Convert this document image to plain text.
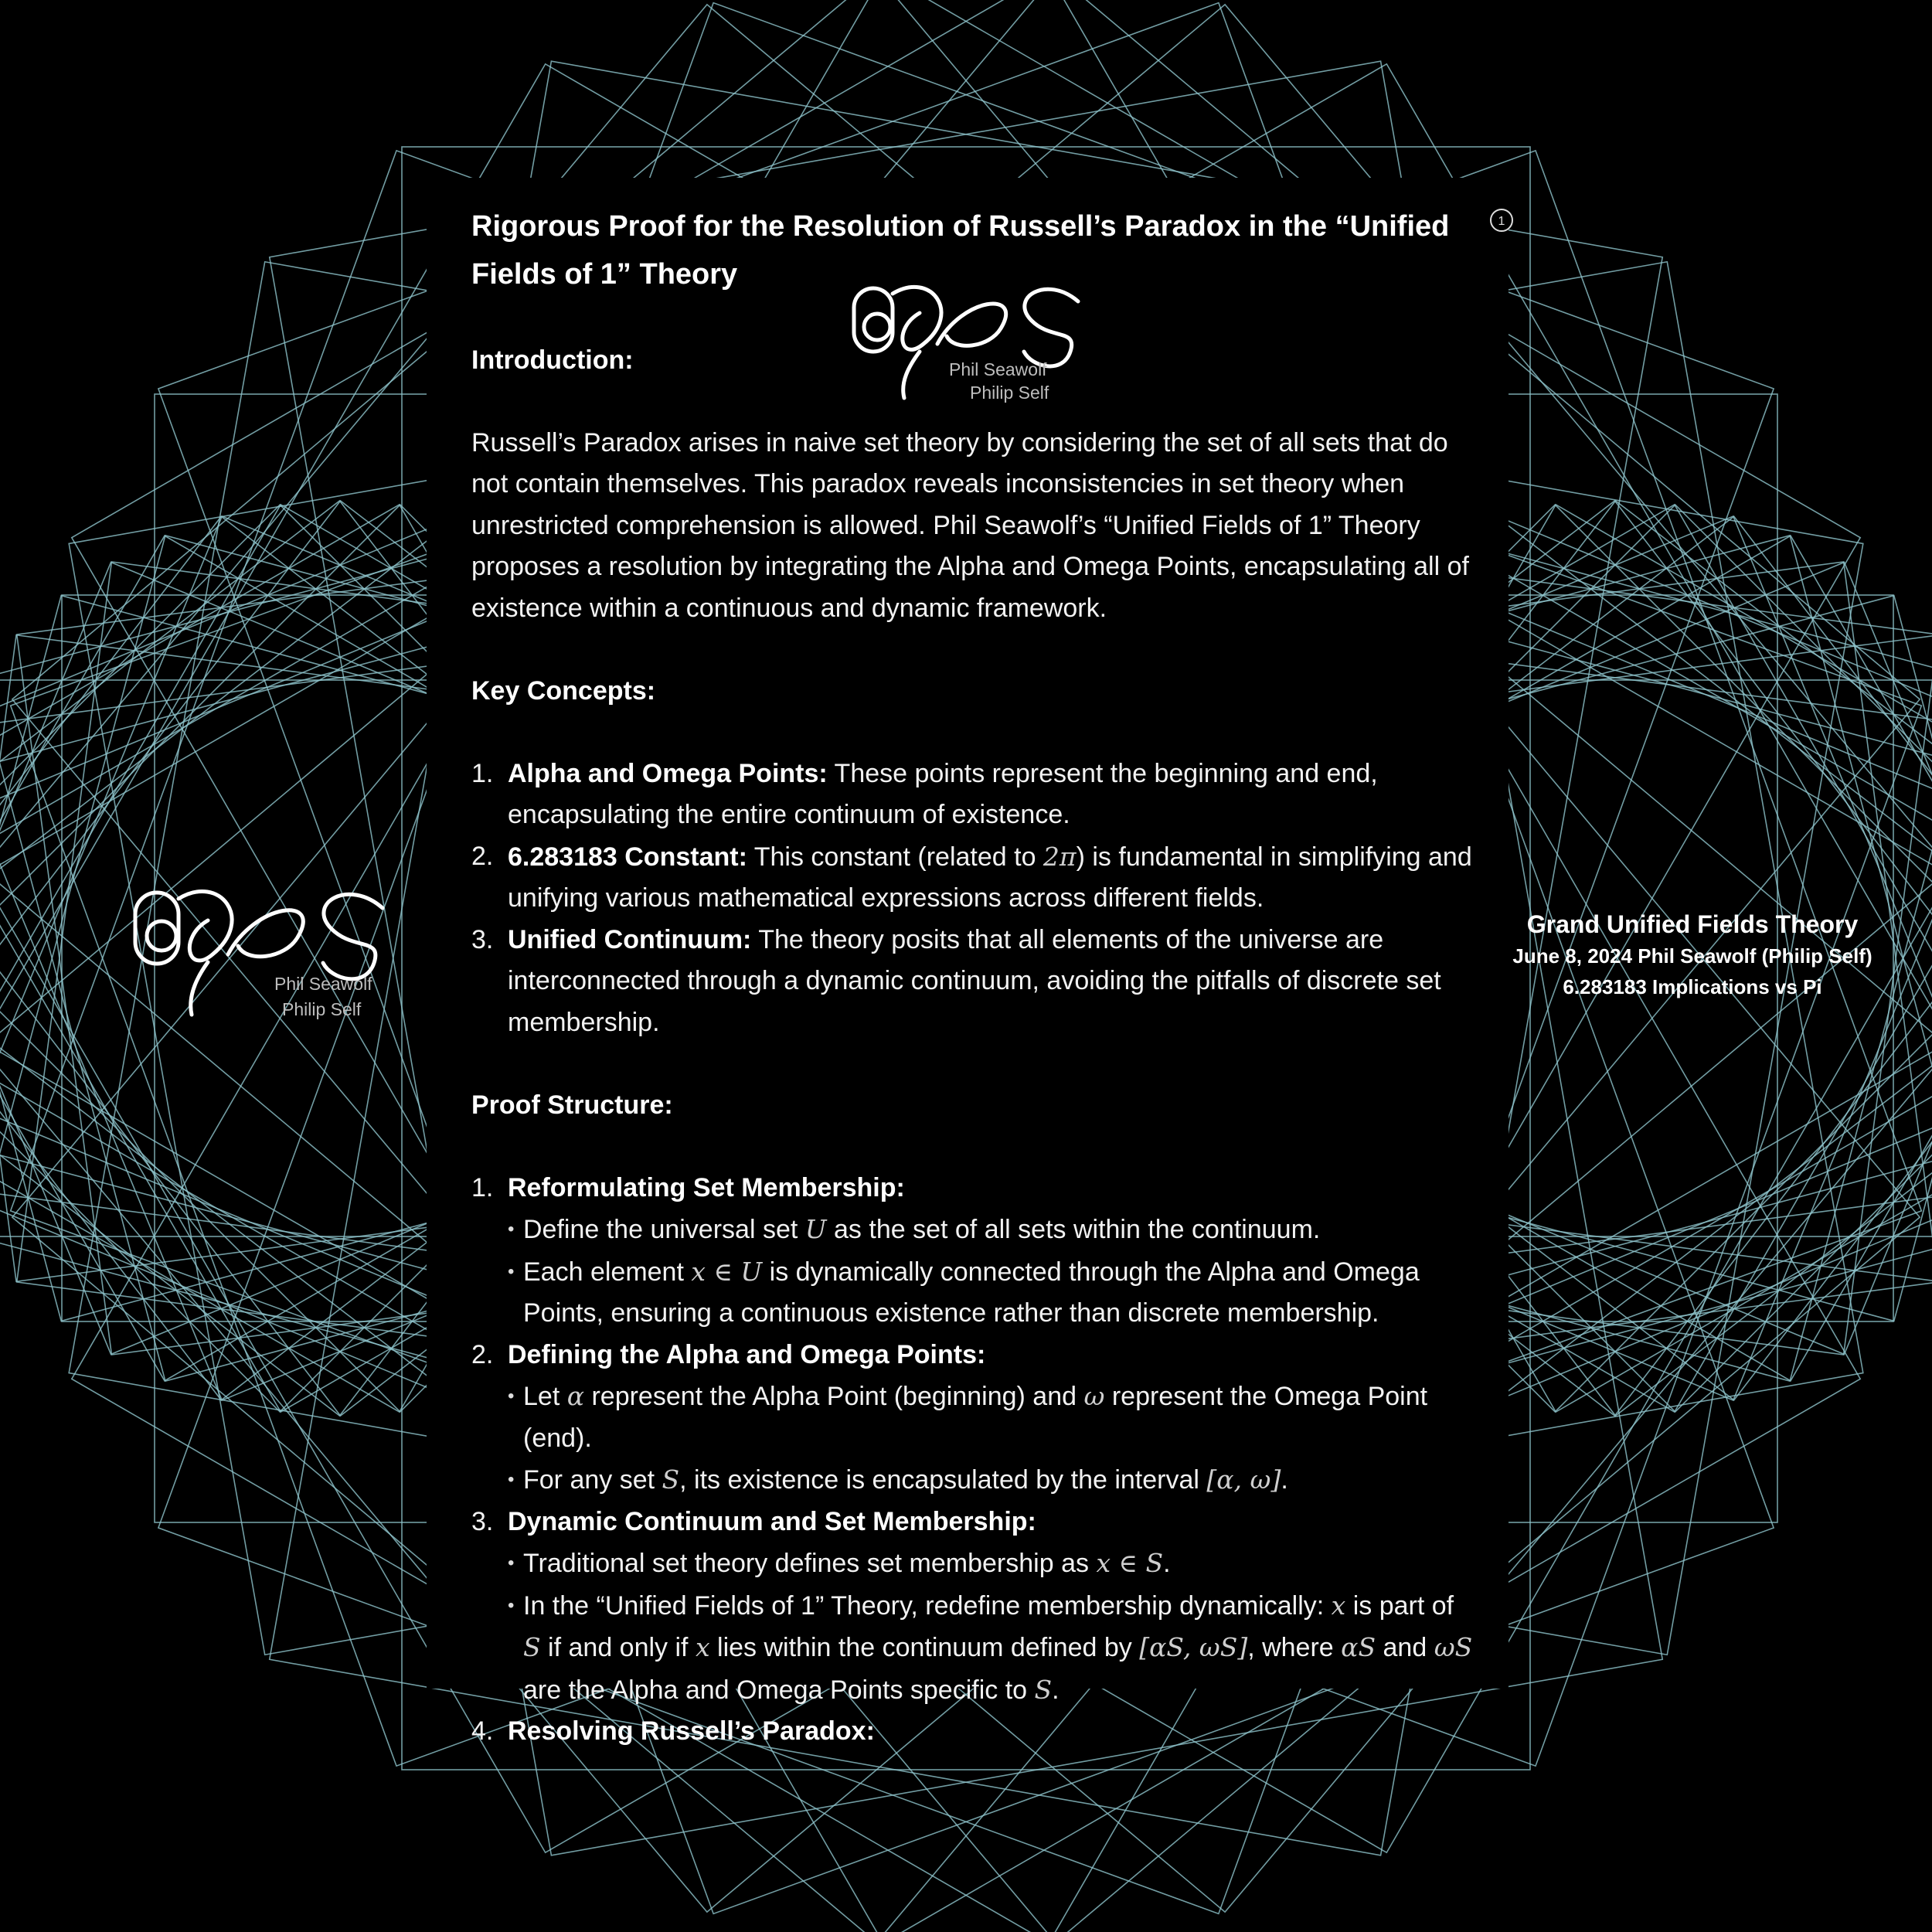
Phil Seawolf
Philip Self
Phil Seawolf
Philip Self
Rigorous Proof for the Resolution of Russell’s Paradox in the “Unified Fields of 1” Theory
Introduction:

Russell’s Paradox arises in naive set theory by considering the set of all sets that do not contain themselves. This paradox reveals inconsistencies in set theory when unrestricted comprehension is allowed. Phil Seawolf’s “Unified Fields of 1” Theory proposes a resolution by integrating the Alpha and Omega Points, encapsulating all of existence within a continuous and dynamic framework.

Key Concepts:
1. Alpha and Omega Points: These points represent the beginning and end, encapsulating the entire continuum of existence.
2. 6.283183 Constant: This constant (related to 2π) is fundamental in simplifying and unifying various mathematical expressions across different fields.
3. Unified Continuum: The theory posits that all elements of the universe are interconnected through a dynamic continuum, avoiding the pitfalls of discrete set membership.
Proof Structure:
1. Reformulating Set Membership:
• Define the universal set U as the set of all sets within the continuum.
• Each element x ∈ U is dynamically connected through the Alpha and Omega Points, ensuring a continuous existence rather than discrete membership.
2. Defining the Alpha and Omega Points:
• Let α represent the Alpha Point (beginning) and ω represent the Omega Point (end).
• For any set S, its existence is encapsulated by the interval [α, ω].
3. Dynamic Continuum and Set Membership:
• Traditional set theory defines set membership as x ∈ S.
• In the “Unified Fields of 1” Theory, redefine membership dynamically: x is part of S if and only if x lies within the continuum defined by [αS, ωS], where αS and ωS are the Alpha and Omega Points specific to S.
4. Resolving Russell’s Paradox:
1
Grand Unified Fields Theory
June 8, 2024 Phil Seawolf (Philip Self)
6.283183 Implications vs Pi
